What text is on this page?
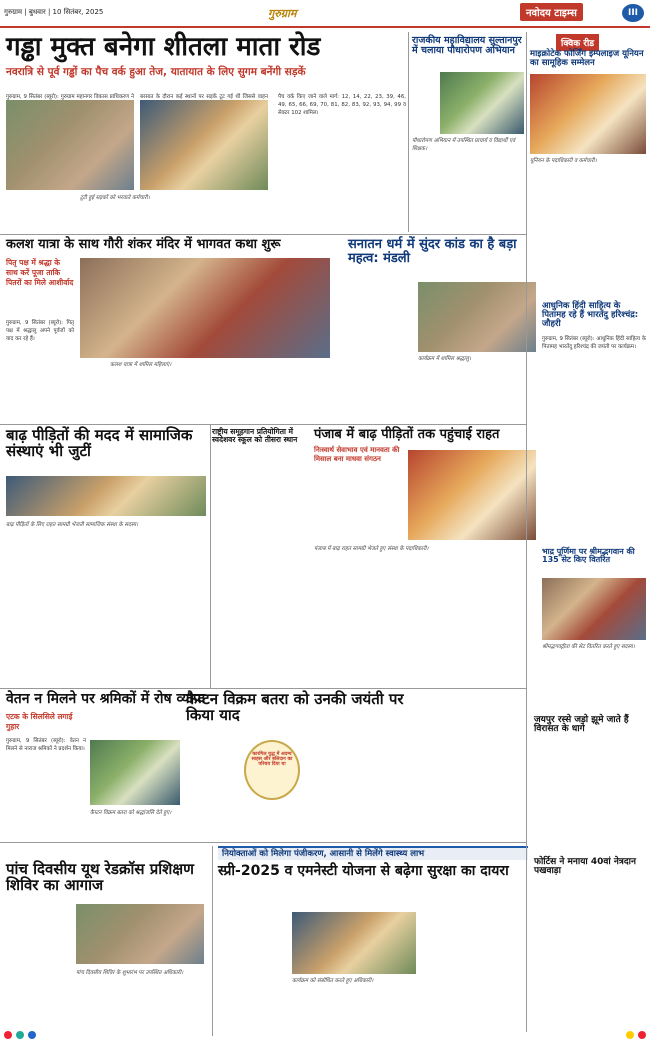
गुरुग्राम | बुधवार | 10 सितंबर, 2025	गुरुग्राम	नवोदय टाइम्स	III
गड्ढा मुक्त बनेगा शीतला माता रोड
नवरात्रि से पूर्व गड्ढों का पैच वर्क हुआ तेज, यातायात के लिए सुगम बनेंगी सड़कें
गुरुग्राम, 9 सितंबर (ब्यूरो): गुरुग्राम महानगर विकास प्राधिकरण ने बरसात के दौरान कई स्थानों पर सड़कें टूट गई थीं जिससे वाहन पैच वर्क किए जाने वाले मार्ग: 12, 14, 22, 23, 39, 46, 49, 65, 66, 69, 70, 81, 82, 83, 92, 93, 94, 99 व सेक्टर 102 शामिल।
टूटी हुई सड़कों को भरवाते कर्मचारी।
राजकीय महाविद्यालय सुल्तानपुर में चलाया पौधारोपण अभियान
पौधारोपण अभियान में उपस्थित प्राचार्य व विद्यार्थी एवं शिक्षक।
क्विक रीड
माइक्रोटेक फोर्जिंग इम्पलाइज यूनियन का सामूहिक सम्मेलन
यूनियन के पदाधिकारी व कर्मचारी।
कलश यात्रा के साथ गौरी शंकर मंदिर में भागवत कथा शुरू
पितृ पक्ष में श्रद्धा के साथ करें पूजा ताकि पितरों का मिले आशीर्वाद
कलश यात्रा में शामिल महिलाएं।
गुरुग्राम, 9 सितंबर (ब्यूरो): पितृ पक्ष में श्रद्धालु अपने पूर्वजों को याद कर रहे हैं।
सनातन धर्म में सुंदर कांड का है बड़ा महत्व: मंडली
कार्यक्रम में शामिल श्रद्धालु।
आधुनिक हिंदी साहित्य के पितामह रहे हैं भारतेंदु हरिश्चंद्र: जौहरी
गुरुग्राम, 9 सितंबर (ब्यूरो): आधुनिक हिंदी साहित्य के पितामह भारतेंदु हरिश्चंद्र की जयंती पर कार्यक्रम।
बाढ़ पीड़ितों की मदद में सामाजिक संस्थाएं भी जुटीं
बाढ़ पीड़ितों के लिए राहत सामग्री भेजती सामाजिक संस्था के सदस्य।
राष्ट्रीय समूहगान प्रतियोगिता में स्वदेशवर स्कूल को तीसरा स्थान	पंजाब में बाढ़ पीड़ितों तक पहुंचाई राहत
निःस्वार्थ सेवाभाव एवं मानवता की मिसाल बना माधवा संगठन
पंजाब में बाढ़ राहत सामग्री भेजते हुए संस्था के पदाधिकारी।	भाद्र पूर्णिमा पर श्रीमद्भगवान की 135 सेट किए वितरित
श्रीमद्भगवद्गीता की सेट वितरित करते हुए सदस्य।
वेतन न मिलने पर श्रमिकों में रोष व्याप्त
एटक के सिलसिले लगाई गुहार
गुरुग्राम, 9 सितंबर (ब्यूरो): वेतन न मिलने से नाराज श्रमिकों ने प्रदर्शन किया।
कैप्टन विक्रम बतरा को उनकी जयंती पर किया याद
कैप्टन विक्रम बतरा को श्रद्धांजलि देते हुए।
कारगिल युद्ध में अदम्य साहस और बलिदान का परिचय दिया था
जयपुर रस्से जड़ो झूमे जाते हैं विरासत के धागे
फोर्टिस ने मनाया 40वां नेत्रदान पखवाड़ा
नियोक्ताओं को मिलेगा पंजीकरण, आसानी से मिलेंगे स्वास्थ्य लाभ
पांच दिवसीय यूथ रेडक्रॉस प्रशिक्षण शिविर का आगाज
पांच दिवसीय शिविर के शुभारंभ पर उपस्थित अधिकारी।
स्प्री-2025 व एमनेस्टी योजना से बढ़ेगा सुरक्षा का दायरा
कार्यक्रम को संबोधित करते हुए अधिकारी।
